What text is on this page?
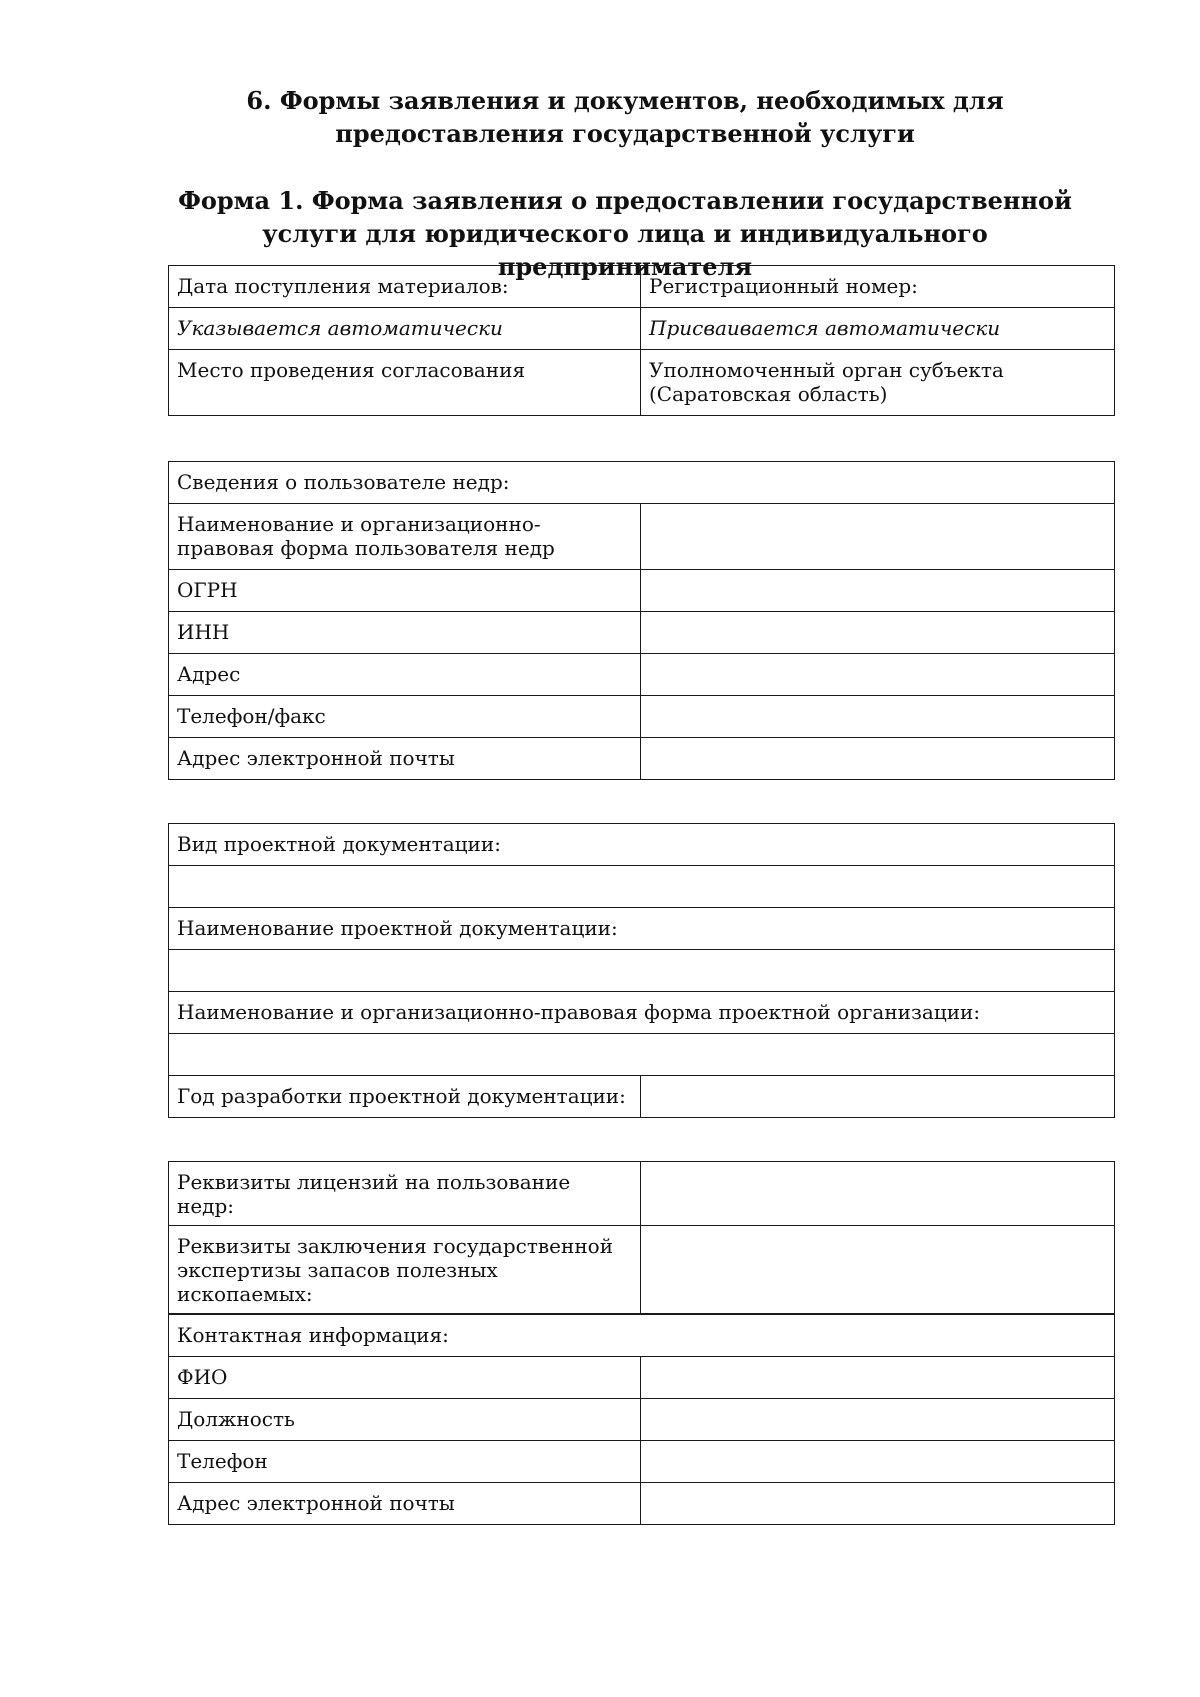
6. Формы заявления и документов, необходимых для предоставления государственной услуги
Форма 1. Форма заявления о предоставлении государственной услуги для юридического лица и индивидуального предпринимателя
Дата поступления материалов:	Регистрационный номер:
Указывается автоматически	Присваивается автоматически
Место проведения согласования	Уполномоченный орган субъекта (Саратовская область)
Сведения о пользователе недр:	
Наименование и организационно-правовая форма пользователя недр	
ОГРН	
ИНН	
Адрес	
Телефон/факс	
Адрес электронной почты	
Вид проектной документации:

Наименование проектной документации:

Наименование и организационно-правовая форма проектной организации:

Год разработки проектной документации:	
Реквизиты лицензий на пользование недр:	
Реквизиты заключения государственной экспертизы запасов полезных ископаемых:	
Контактная информация:	
ФИО	
Должность	
Телефон	
Адрес электронной почты	
